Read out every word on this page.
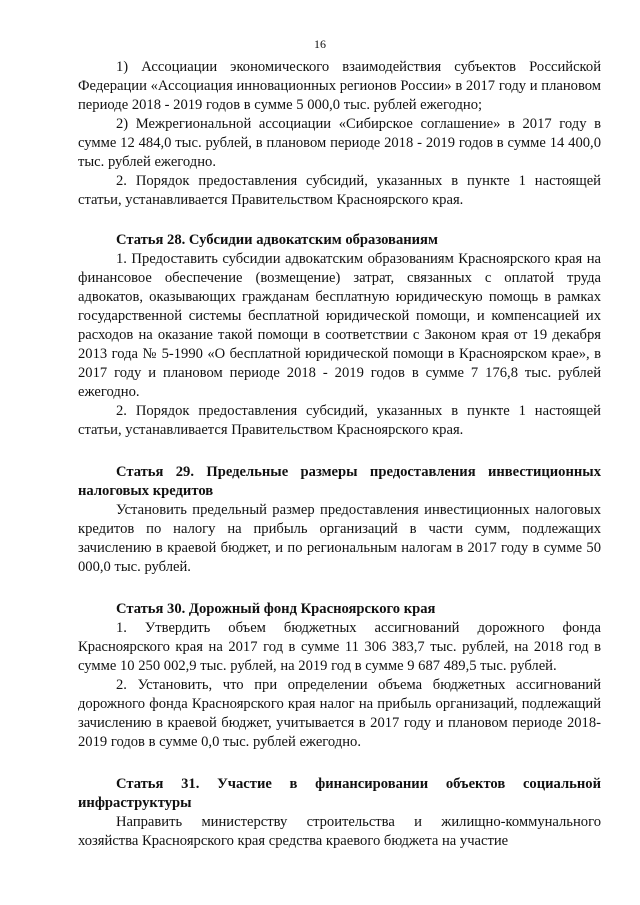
16

1) Ассоциации экономического взаимодействия субъектов Российской Федерации «Ассоциация инновационных регионов России» в 2017 году и плановом периоде 2018 - 2019 годов в сумме 5 000,0 тыс. рублей ежегодно;

2) Межрегиональной ассоциации «Сибирское соглашение» в 2017 году в сумме 12 484,0 тыс. рублей, в плановом периоде 2018 - 2019 годов в сумме 14 400,0 тыс. рублей ежегодно.

2. Порядок предоставления субсидий, указанных в пункте 1 настоящей статьи, устанавливается Правительством Красноярского края.

Статья 28. Субсидии адвокатским образованиям

1. Предоставить субсидии адвокатским образованиям Красноярского края на финансовое обеспечение (возмещение) затрат, связанных с оплатой труда адвокатов, оказывающих гражданам бесплатную юридическую помощь в рамках государственной системы бесплатной юридической помощи, и компенсацией их расходов на оказание такой помощи в соответствии с Законом края от 19 декабря 2013 года № 5-1990 «О бесплатной юридической помощи в Красноярском крае», в 2017 году и плановом периоде 2018 - 2019 годов в сумме 7 176,8 тыс. рублей ежегодно.

2. Порядок предоставления субсидий, указанных в пункте 1 настоящей статьи, устанавливается Правительством Красноярского края.

Статья 29. Предельные размеры предоставления инвестиционных налоговых кредитов

Установить предельный размер предоставления инвестиционных налоговых кредитов по налогу на прибыль организаций в части сумм, подлежащих зачислению в краевой бюджет, и по региональным налогам в 2017 году в сумме 50 000,0 тыс. рублей.

Статья 30. Дорожный фонд Красноярского края

1. Утвердить объем бюджетных ассигнований дорожного фонда Красноярского края на 2017 год в сумме 11 306 383,7 тыс. рублей, на 2018 год в сумме 10 250 002,9 тыс. рублей, на 2019 год в сумме 9 687 489,5 тыс. рублей.

2. Установить, что при определении объема бюджетных ассигнований дорожного фонда Красноярского края налог на прибыль организаций, подлежащий зачислению в краевой бюджет, учитывается в 2017 году и плановом периоде 2018-2019 годов в сумме 0,0 тыс. рублей ежегодно.

Статья 31. Участие в финансировании объектов социальной инфраструктуры

Направить министерству строительства и жилищно-коммунального хозяйства Красноярского края средства краевого бюджета на участие
